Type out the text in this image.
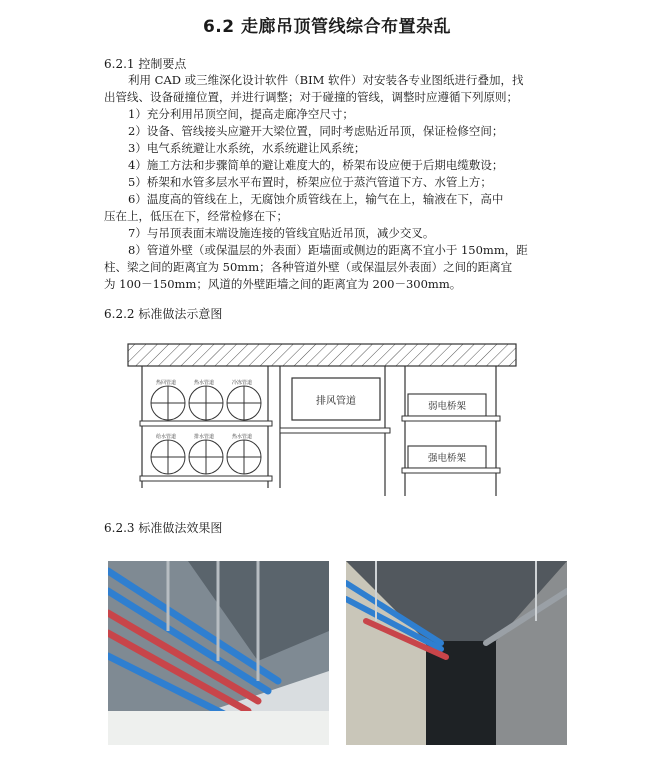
6.2 走廊吊顶管线综合布置杂乱
6.2.1 控制要点

利用 CAD 或三维深化设计软件（BIM 软件）对安装各专业图纸进行叠加，找

出管线、设备碰撞位置，并进行调整；对于碰撞的管线，调整时应遵循下列原则；

1）充分利用吊顶空间，提高走廊净空尺寸；

2）设备、管线接头应避开大梁位置，同时考虑贴近吊顶，保证检修空间；

3）电气系统避让水系统，水系统避让风系统；

4）施工方法和步骤简单的避让难度大的，桥架布设应便于后期电缆敷设；

5）桥架和水管多层水平布置时，桥架应位于蒸汽管道下方、水管上方；

6）温度高的管线在上，无腐蚀介质管线在上，输气在上，输液在下，高中

压在上，低压在下，经常检修在下；

7）与吊顶表面末端设施连接的管线宜贴近吊顶，减少交叉。

8）管道外壁（或保温层的外表面）距墙面或侧边的距离不宜小于 150mm，距

柱、梁之间的距离宜为 50mm；各种管道外壁（或保温层外表面）之间的距离宜

为 100－150mm；风道的外壁距墙之间的距离宜为 200－300mm。

6.2.2 标准做法示意图
热回管道	热水管道	冷冻管道
给水管道	排水管道	热水管道
排风管道	弱电桥架
强电桥架
6.2.3 标准做法效果图
